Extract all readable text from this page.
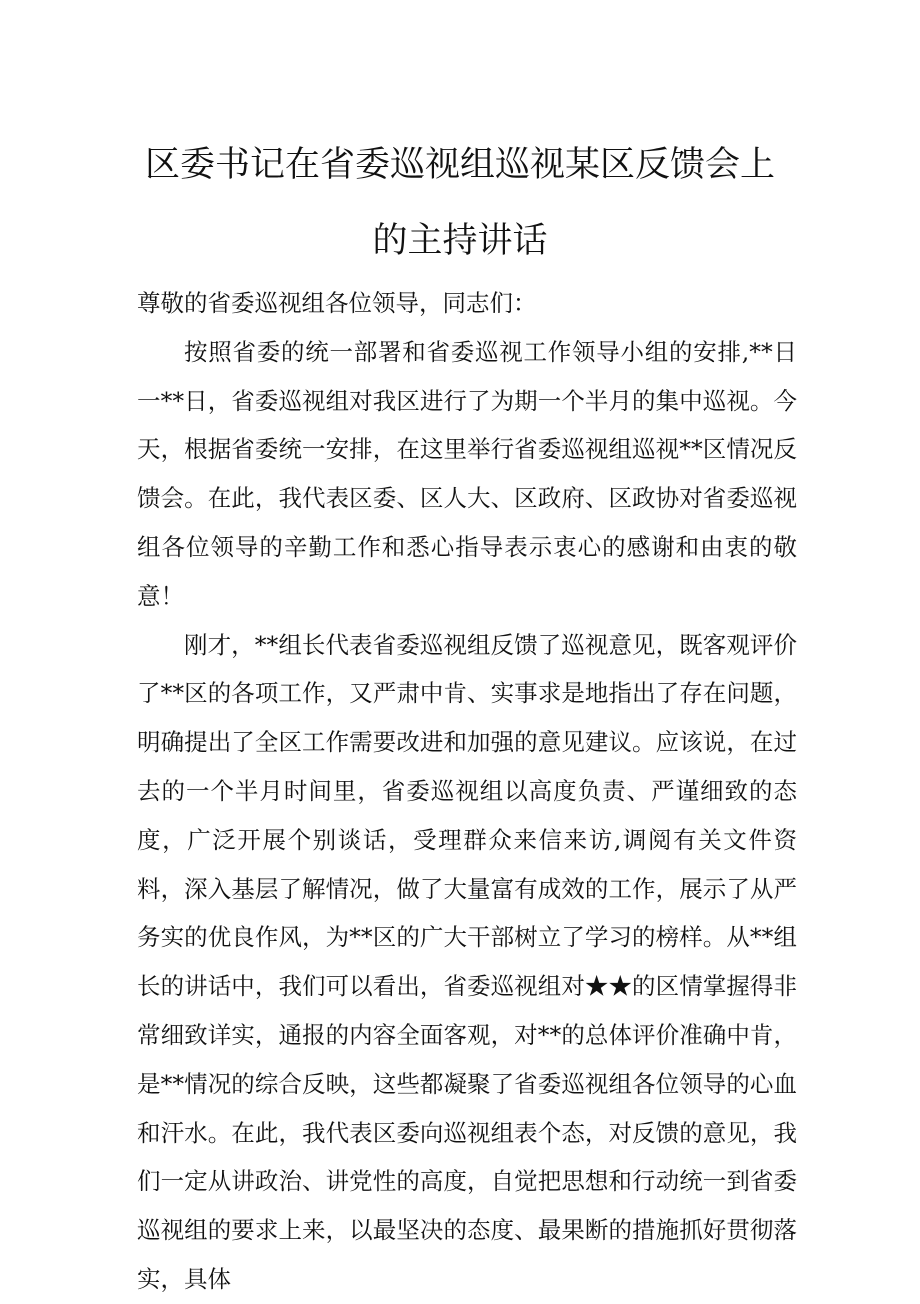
区委书记在省委巡视组巡视某区反馈会上
的主持讲话

尊敬的省委巡视组各位领导，同志们：

按照省委的统一部署和省委巡视工作领导小组的安排,**日一**日，省委巡视组对我区进行了为期一个半月的集中巡视。今天，根据省委统一安排，在这里举行省委巡视组巡视**区情况反馈会。在此，我代表区委、区人大、区政府、区政协对省委巡视组各位领导的辛勤工作和悉心指导表示衷心的感谢和由衷的敬意！

刚才，**组长代表省委巡视组反馈了巡视意见，既客观评价了**区的各项工作，又严肃中肯、实事求是地指出了存在问题，明确提出了全区工作需要改进和加强的意见建议。应该说，在过去的一个半月时间里，省委巡视组以高度负责、严谨细致的态度，广泛开展个别谈话，受理群众来信来访,调阅有关文件资料，深入基层了解情况，做了大量富有成效的工作，展示了从严务实的优良作风，为**区的广大干部树立了学习的榜样。从**组长的讲话中，我们可以看出，省委巡视组对★★的区情掌握得非常细致详实，通报的内容全面客观，对**的总体评价准确中肯，是**情况的综合反映，这些都凝聚了省委巡视组各位领导的心血和汗水。在此，我代表区委向巡视组表个态，对反馈的意见，我们一定从讲政治、讲党性的高度，自觉把思想和行动统一到省委巡视组的要求上来，以最坚决的态度、最果断的措施抓好贯彻落实，具体
